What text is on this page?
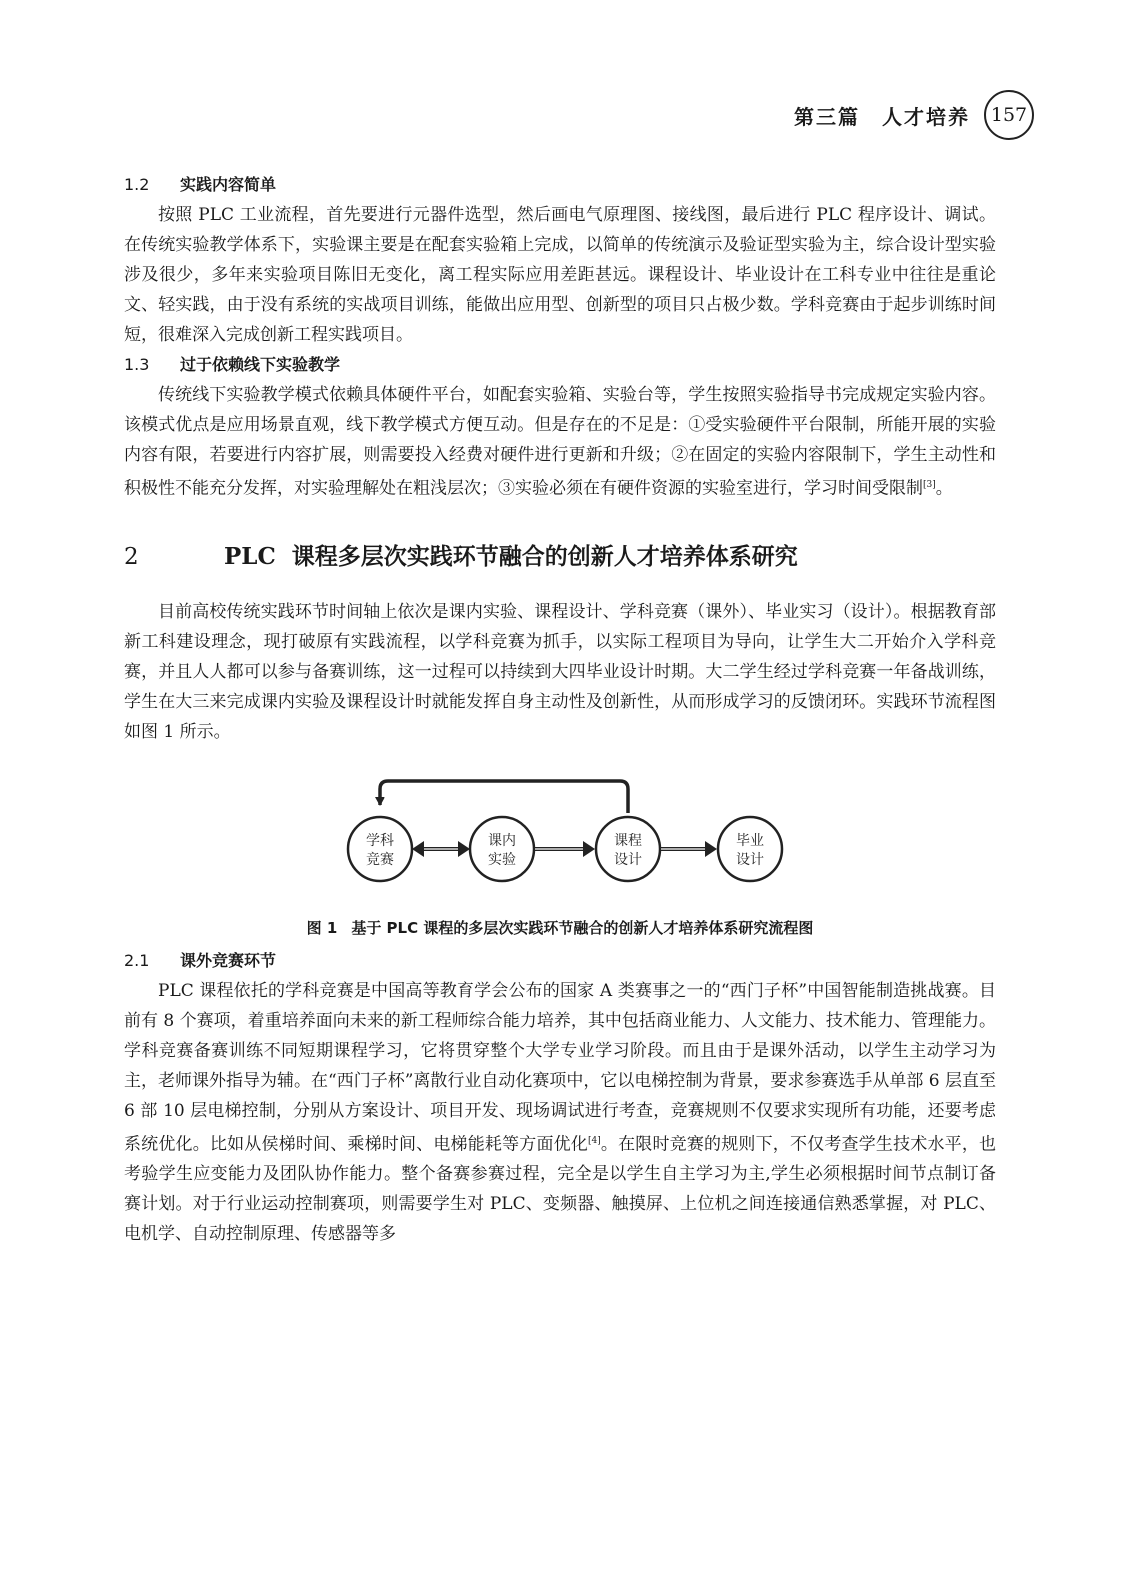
第三篇　人才培养	157
1.2 实践内容简单

按照 PLC 工业流程，首先要进行元器件选型，然后画电气原理图、接线图，最后进行 PLC 程序设计、调试。在传统实验教学体系下，实验课主要是在配套实验箱上完成，以简单的传统演示及验证型实验为主，综合设计型实验涉及很少，多年来实验项目陈旧无变化，离工程实际应用差距甚远。课程设计、毕业设计在工科专业中往往是重论文、轻实践，由于没有系统的实战项目训练，能做出应用型、创新型的项目只占极少数。学科竞赛由于起步训练时间短，很难深入完成创新工程实践项目。

1.3 过于依赖线下实验教学

传统线下实验教学模式依赖具体硬件平台，如配套实验箱、实验台等，学生按照实验指导书完成规定实验内容。该模式优点是应用场景直观，线下教学模式方便互动。但是存在的不足是：①受实验硬件平台限制，所能开展的实验内容有限，若要进行内容扩展，则需要投入经费对硬件进行更新和升级；②在固定的实验内容限制下，学生主动性和积极性不能充分发挥，对实验理解处在粗浅层次；③实验必须在有硬件资源的实验室进行，学习时间受限制[3]。

2	PLC 课程多层次实践环节融合的创新人才培养体系研究

目前高校传统实践环节时间轴上依次是课内实验、课程设计、学科竞赛（课外）、毕业实习（设计）。根据教育部新工科建设理念，现打破原有实践流程，以学科竞赛为抓手，以实际工程项目为导向，让学生大二开始介入学科竞赛，并且人人都可以参与备赛训练，这一过程可以持续到大四毕业设计时期。大二学生经过学科竞赛一年备战训练，学生在大三来完成课内实验及课程设计时就能发挥自身主动性及创新性，从而形成学习的反馈闭环。实践环节流程图如图 1 所示。

学科
竞赛
课内
实验
课程
设计
毕业
设计
图 1 基于 PLC 课程的多层次实践环节融合的创新人才培养体系研究流程图
2.1 课外竞赛环节

PLC 课程依托的学科竞赛是中国高等教育学会公布的国家 A 类赛事之一的“西门子杯”中国智能制造挑战赛。目前有 8 个赛项，着重培养面向未来的新工程师综合能力培养，其中包括商业能力、人文能力、技术能力、管理能力。学科竞赛备赛训练不同短期课程学习，它将贯穿整个大学专业学习阶段。而且由于是课外活动，以学生主动学习为主，老师课外指导为辅。在“西门子杯”离散行业自动化赛项中，它以电梯控制为背景，要求参赛选手从单部 6 层直至 6 部 10 层电梯控制，分别从方案设计、项目开发、现场调试进行考查，竞赛规则不仅要求实现所有功能，还要考虑系统优化。比如从侯梯时间、乘梯时间、电梯能耗等方面优化[4]。在限时竞赛的规则下，不仅考查学生技术水平，也考验学生应变能力及团队协作能力。整个备赛参赛过程，完全是以学生自主学习为主,学生必须根据时间节点制订备赛计划。对于行业运动控制赛项，则需要学生对 PLC、变频器、触摸屏、上位机之间连接通信熟悉掌握，对 PLC、电机学、自动控制原理、传感器等多
